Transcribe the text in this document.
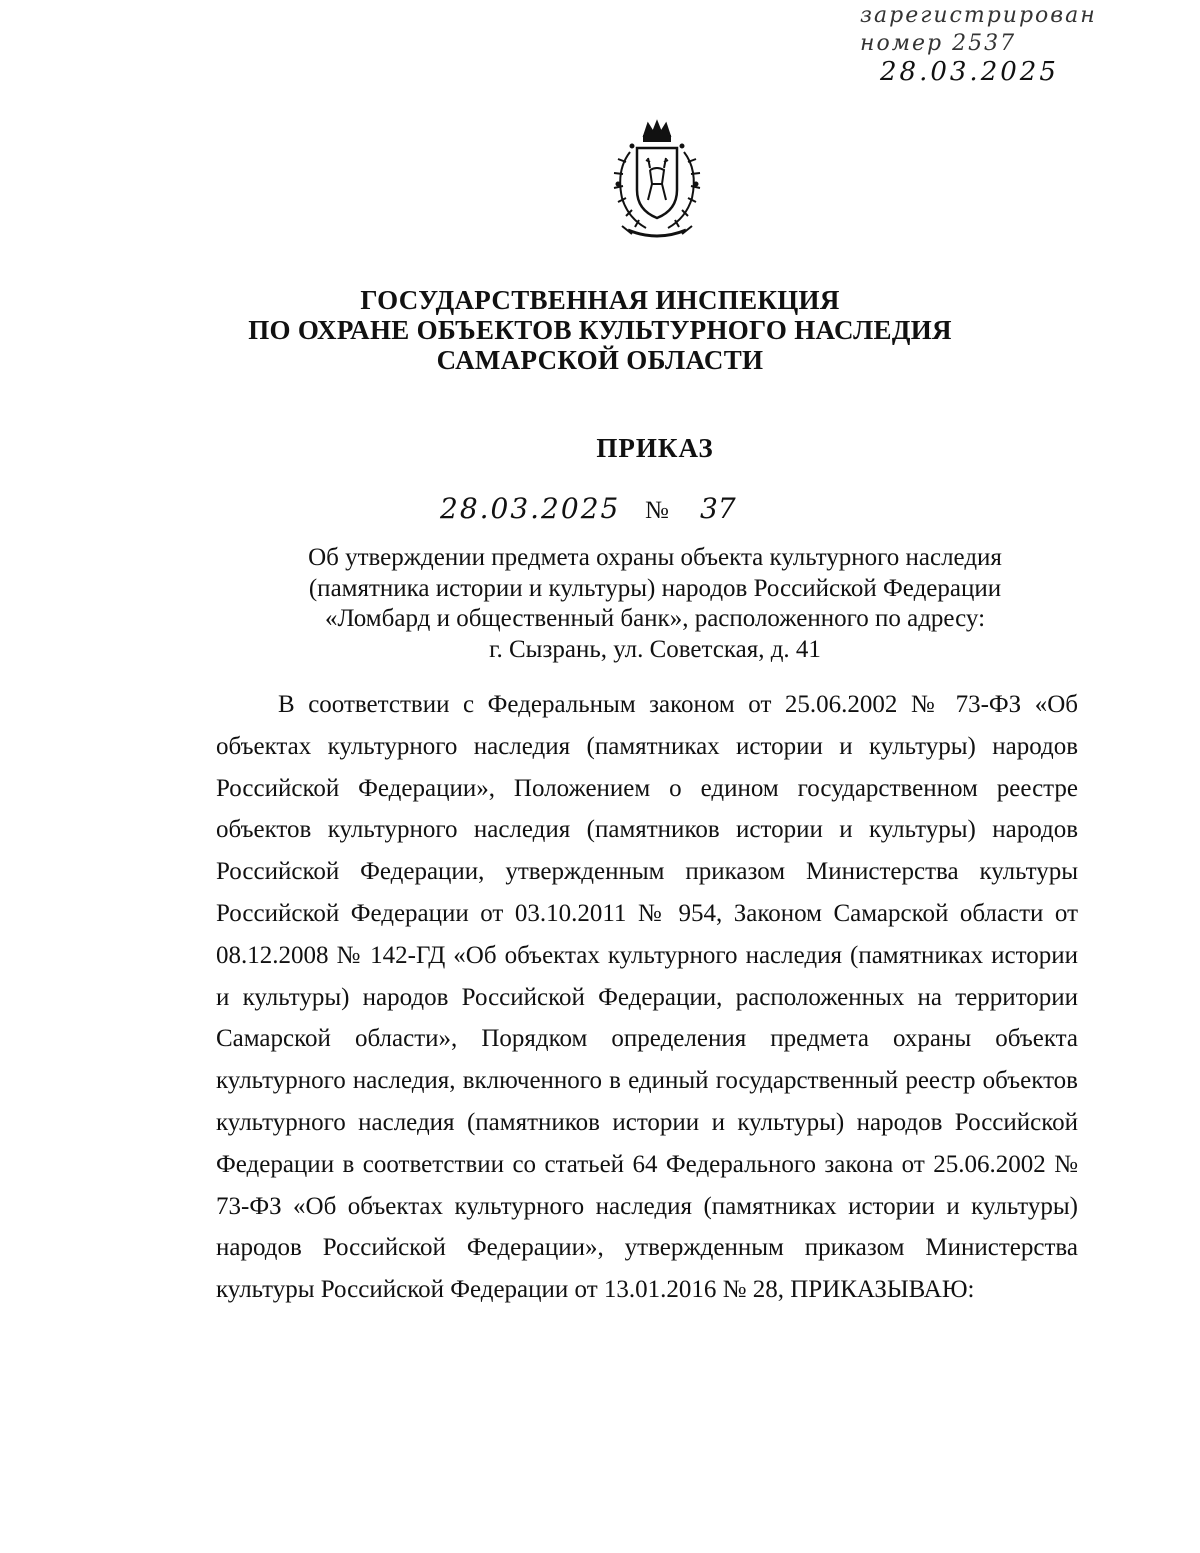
зарегистрирован
номер 2537
28.03.2025
ГОСУДАРСТВЕННАЯ ИНСПЕКЦИЯ
ПО ОХРАНЕ ОБЪЕКТОВ КУЛЬТУРНОГО НАСЛЕДИЯ
САМАРСКОЙ ОБЛАСТИ
ПРИКАЗ
28.03.2025 № 37
Об утверждении предмета охраны объекта культурного наследия
(памятника истории и культуры) народов Российской Федерации
«Ломбард и общественный банк», расположенного по адресу:
г. Сызрань, ул. Советская, д. 41

В соответствии с Федеральным законом от 25.06.2002 № 73-ФЗ «Об объектах культурного наследия (памятниках истории и культуры) народов Российской Федерации», Положением о едином государственном реестре объектов культурного наследия (памятников истории и культуры) народов Российской Федерации, утвержденным приказом Министерства культуры Российской Федерации от 03.10.2011 № 954, Законом Самарской области от 08.12.2008 № 142-ГД «Об объектах культурного наследия (памятниках истории и культуры) народов Российской Федерации, расположенных на территории Самарской области», Порядком определения предмета охраны объекта культурного наследия, включенного в единый государственный реестр объектов культурного наследия (памятников истории и культуры) народов Российской Федерации в соответствии со статьей 64 Федерального закона от 25.06.2002 № 73-ФЗ «Об объектах культурного наследия (памятниках истории и культуры) народов Российской Федерации», утвержденным приказом Министерства культуры Российской Федерации от 13.01.2016 № 28, ПРИКАЗЫВАЮ:
